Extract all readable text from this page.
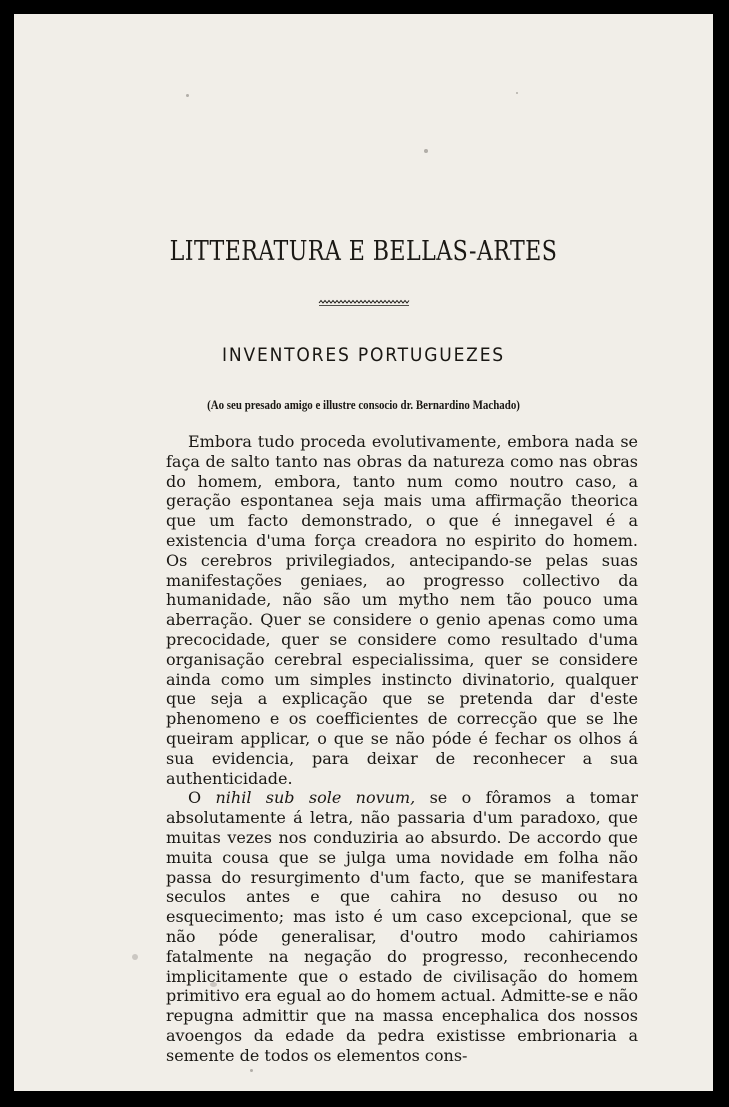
LITTERATURA E BELLAS-ARTES
INVENTORES PORTUGUEZES

(Ao seu presado amigo e illustre consocio dr. Bernardino Machado)

Embora tudo proceda evolutivamente, embora nada se faça de salto tanto nas obras da natureza como nas obras do homem, embora, tanto num como noutro caso, a geração espontanea seja mais uma affirmação theorica que um facto demonstrado, o que é innegavel é a existencia d'uma força creadora no espirito do homem. Os cerebros privilegiados, antecipando-se pelas suas manifestações geniaes, ao progresso collectivo da humanidade, não são um mytho nem tão pouco uma aberração. Quer se considere o genio apenas como uma precocidade, quer se considere como resultado d'uma organisação cerebral especialissima, quer se considere ainda como um simples instincto divinatorio, qualquer que seja a explicação que se pretenda dar d'este phenomeno e os coefficientes de correcção que se lhe queiram applicar, o que se não póde é fechar os olhos á sua evidencia, para deixar de reconhecer a sua authenticidade.

O nihil sub sole novum, se o fôramos a tomar absolutamente á letra, não passaria d'um paradoxo, que muitas vezes nos conduziria ao absurdo. De accordo que muita cousa que se julga uma novidade em folha não passa do resurgimento d'um facto, que se manifestara seculos antes e que cahira no desuso ou no esquecimento; mas isto é um caso excepcional, que se não póde generalisar, d'outro modo cahiriamos fatalmente na negação do progresso, reconhecendo implicitamente que o estado de civilisação do homem primitivo era egual ao do homem actual. Admitte-se e não repugna admittir que na massa encephalica dos nossos avoengos da edade da pedra existisse embrionaria a semente de todos os elementos cons-
